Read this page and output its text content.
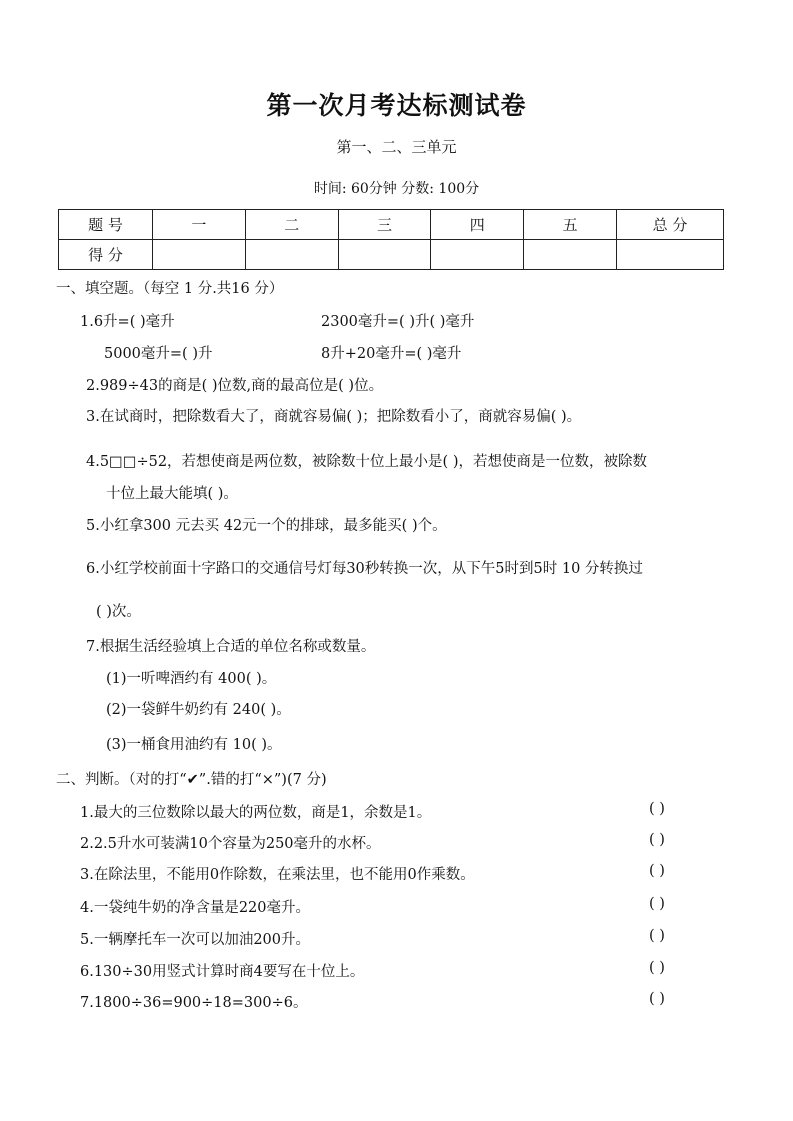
第一次月考达标测试卷
第一、二、三单元
时间: 60分钟 分数: 100分
题 号	一	二	三	四	五	总 分
得 分						
一、填空题。（每空 1 分.共16 分）
1.6升=( )毫升	2300毫升=( )升( )毫升
5000毫升=( )升	8升+20毫升=( )毫升
2.989÷43的商是( )位数,商的最高位是( )位。
3.在试商时，把除数看大了，商就容易偏( )；把除数看小了，商就容易偏( )。
4.5□□÷52，若想使商是两位数，被除数十位上最小是( )，若想使商是一位数，被除数
十位上最大能填( )。
5.小红拿300 元去买 42元一个的排球，最多能买( )个。
6.小红学校前面十字路口的交通信号灯每30秒转换一次，从下午5时到5时 10 分转换过
( )次。
7.根据生活经验填上合适的单位名称或数量。
(1)一听啤酒约有 400( )。
(2)一袋鲜牛奶约有 240( )。
(3)一桶食用油约有 10( )。
二、判断。（对的打“✔”.错的打“×”)(7 分)
1.最大的三位数除以最大的两位数，商是1，余数是1。	( )
2.2.5升水可装满10个容量为250毫升的水杯。	( )
3.在除法里，不能用0作除数，在乘法里，也不能用0作乘数。	( )
4.一袋纯牛奶的净含量是220毫升。	( )
5.一辆摩托车一次可以加油200升。	( )
6.130÷30用竖式计算时商4要写在十位上。	( )
7.1800÷36=900÷18=300÷6。	( )
